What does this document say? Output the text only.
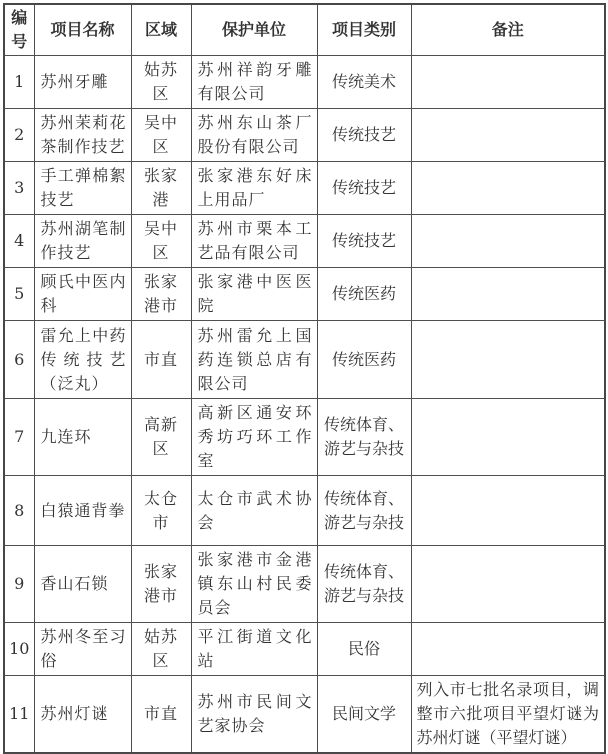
编号	项目名称	区域	保护单位	项目类别	备注
1	苏州牙雕	姑苏区	苏州祥韵牙雕有限公司	传统美术	
2	苏州茉莉花茶制作技艺	吴中区	苏州东山茶厂股份有限公司	传统技艺	
3	手工弹棉絮技艺	张家港	张家港东好床上用品厂	传统技艺	
4	苏州湖笔制作技艺	吴中区	苏州市栗本工艺品有限公司	传统技艺	
5	顾氏中医内科	张家港市	张家港中医医院	传统医药	
6	雷允上中药传统技艺（泛丸）	市直	苏州雷允上国药连锁总店有限公司	传统医药	
7	九连环	高新区	高新区通安环秀坊巧环工作室	传统体育、游艺与杂技	
8	白猿通背拳	太仓市	太仓市武术协会	传统体育、游艺与杂技	
9	香山石锁	张家港市	张家港市金港镇东山村民委员会	传统体育、游艺与杂技	
10	苏州冬至习俗	姑苏区	平江街道文化站	民俗	
11	苏州灯谜	市直	苏州市民间文艺家协会	民间文学	列入市七批名录项目，调整市六批项目平望灯谜为苏州灯谜（平望灯谜）
